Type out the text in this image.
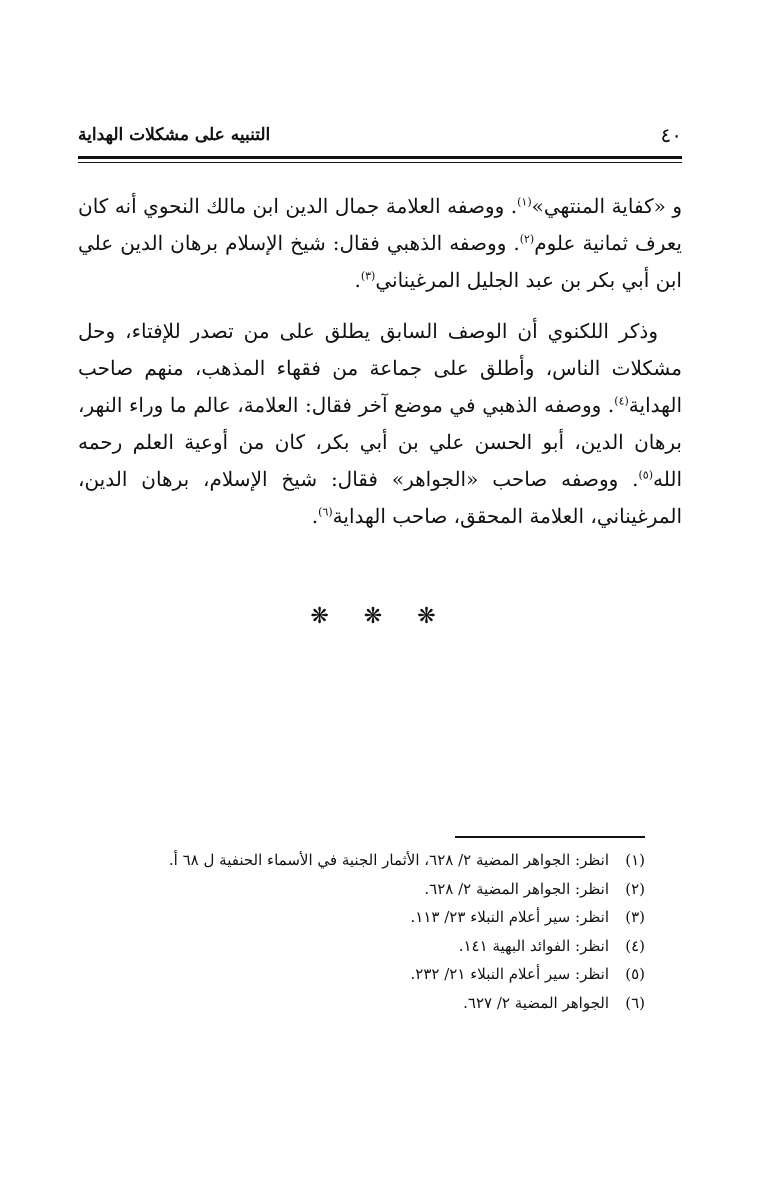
٤٠
التنبيه على مشكلات الهداية

و «كفاية المنتهي»$^{(١)}$. ووصفه العلامة جمال الدين ابن مالك النحوي أنه كان يعرف ثمانية علوم$^{(٢)}$. ووصفه الذهبي فقال: شيخ الإسلام برهان الدين علي ابن أبي بكر بن عبد الجليل المرغيناني$^{(٣)}$.

وذكر اللكنوي أن الوصف السابق يطلق على من تصدر للإفتاء، وحل مشكلات الناس، وأطلق على جماعة من فقهاء المذهب، منهم صاحب الهداية$^{(٤)}$. ووصفه الذهبي في موضع آخر فقال: العلامة، عالم ما وراء النهر، برهان الدين، أبو الحسن علي بن أبي بكر، كان من أوعية العلم رحمه الله$^{(٥)}$. ووصفه صاحب «الجواهر» فقال: شيخ الإسلام، برهان الدين، المرغيناني، العلامة المحقق، صاحب الهداية$^{(٦)}$.

❋ ❋ ❋
(١)انظر: الجواهر المضية ٢/ ٦٢٨، الأثمار الجنية في الأسماء الحنفية ل ٦٨ أ.
(٢)انظر: الجواهر المضية ٢/ ٦٢٨.
(٣)انظر: سير أعلام النبلاء ٢٣/ ١١٣.
(٤)انظر: الفوائد البهية ١٤١.
(٥)انظر: سير أعلام النبلاء ٢١/ ٢٣٢.
(٦)الجواهر المضية ٢/ ٦٢٧.
